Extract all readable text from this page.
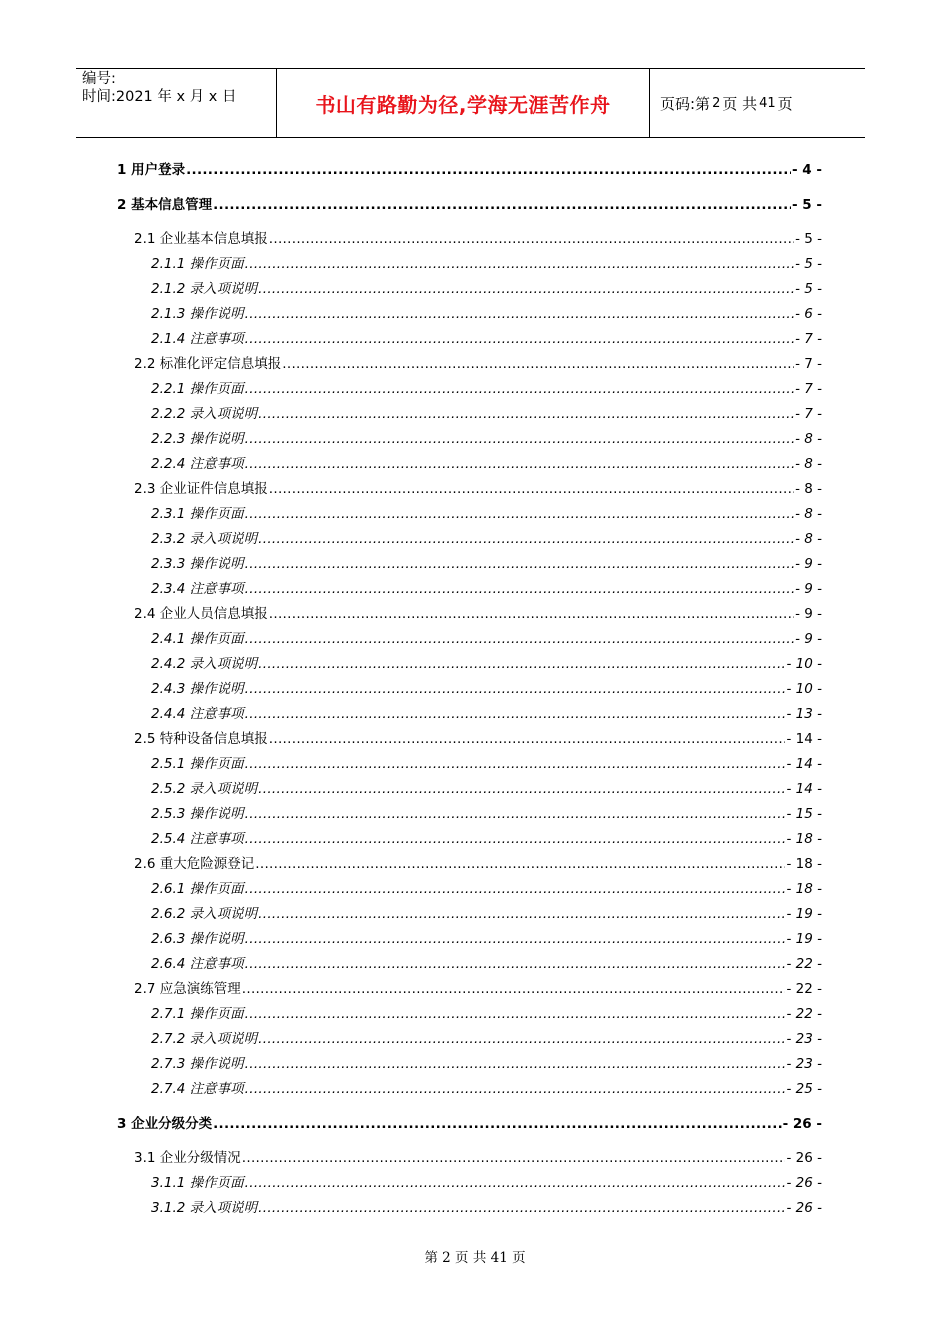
编号:
时间:2021 年 x 月 x 日	书山有路勤为径,学海无涯苦作舟	页码:第 2 页 共 41 页
1 用户登录 .....	- 4 -
2 基本信息管理 .....	- 5 -
2.1 企业基本信息填报 .....	- 5 -
2.1.1 操作页面 .....	- 5 -
2.1.2 录入项说明 .....	- 5 -
2.1.3 操作说明 .....	- 6 -
2.1.4 注意事项 .....	- 7 -
2.2 标准化评定信息填报 .....	- 7 -
2.2.1 操作页面 .....	- 7 -
2.2.2 录入项说明 .....	- 7 -
2.2.3 操作说明 .....	- 8 -
2.2.4 注意事项 .....	- 8 -
2.3 企业证件信息填报 .....	- 8 -
2.3.1 操作页面 .....	- 8 -
2.3.2 录入项说明 .....	- 8 -
2.3.3 操作说明 .....	- 9 -
2.3.4 注意事项 .....	- 9 -
2.4 企业人员信息填报 .....	- 9 -
2.4.1 操作页面 .....	- 9 -
2.4.2 录入项说明 .....	- 10 -
2.4.3 操作说明 .....	- 10 -
2.4.4 注意事项 .....	- 13 -
2.5 特种设备信息填报 .....	- 14 -
2.5.1 操作页面 .....	- 14 -
2.5.2 录入项说明 .....	- 14 -
2.5.3 操作说明 .....	- 15 -
2.5.4 注意事项 .....	- 18 -
2.6 重大危险源登记 .....	- 18 -
2.6.1 操作页面 .....	- 18 -
2.6.2 录入项说明 .....	- 19 -
2.6.3 操作说明 .....	- 19 -
2.6.4 注意事项 .....	- 22 -
2.7 应急演练管理 .....	- 22 -
2.7.1 操作页面 .....	- 22 -
2.7.2 录入项说明 .....	- 23 -
2.7.3 操作说明 .....	- 23 -
2.7.4 注意事项 .....	- 25 -
3 企业分级分类 .....	- 26 -
3.1 企业分级情况 .....	- 26 -
3.1.1 操作页面 .....	- 26 -
3.1.2 录入项说明 .....	- 26 -
第 2 页 共 41 页
